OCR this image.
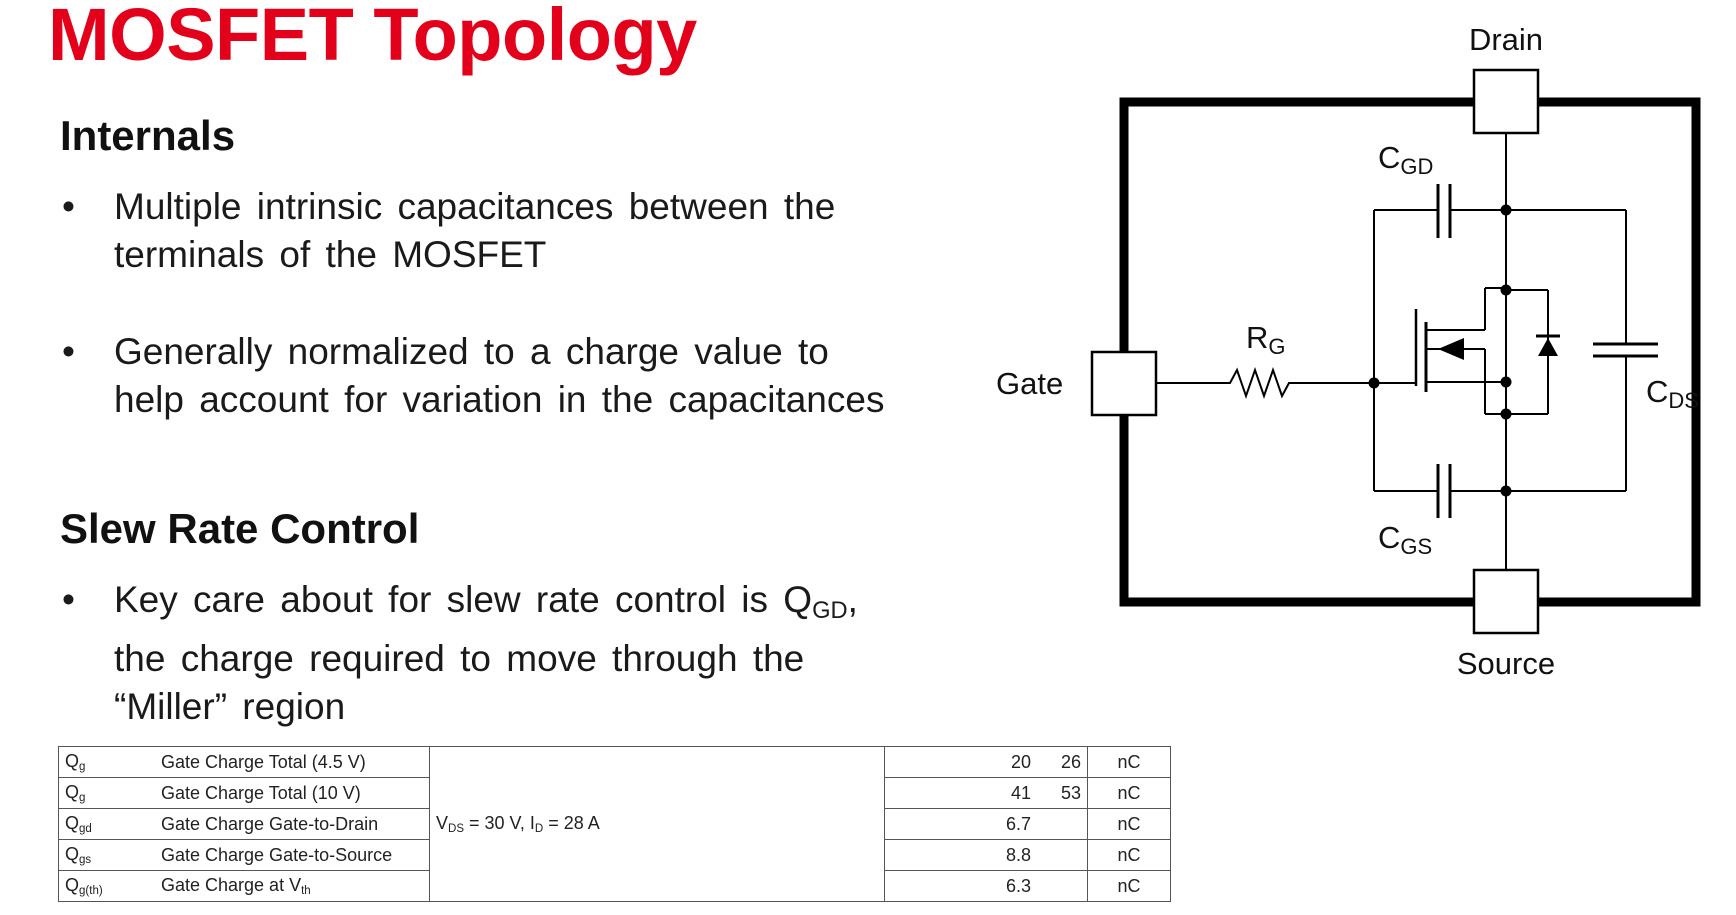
MOSFET Topology
Internals
• Multiple intrinsic capacitances between the terminals of the MOSFET
• Generally normalized to a charge value to help account for variation in the capacitances
Slew Rate Control
• Key care about for slew rate control is $Q_{GD}$, the charge required to move through the “Miller” region
$Q_g$	Gate Charge Total (4.5 V)	$V_{DS} = 30$ V, $I_D = 28$ A	20	26	nC
$Q_g$	Gate Charge Total (10 V)		41	53	nC
$Q_{gd}$	Gate Charge Gate-to-Drain		6.7		nC
$Q_{gs}$	Gate Charge Gate-to-Source		8.8		nC
$Q_{g(th)}$	Gate Charge at $V_{th}$		6.3		nC
Drain
Source
Gate
CGD
CGS
CDS
RG
